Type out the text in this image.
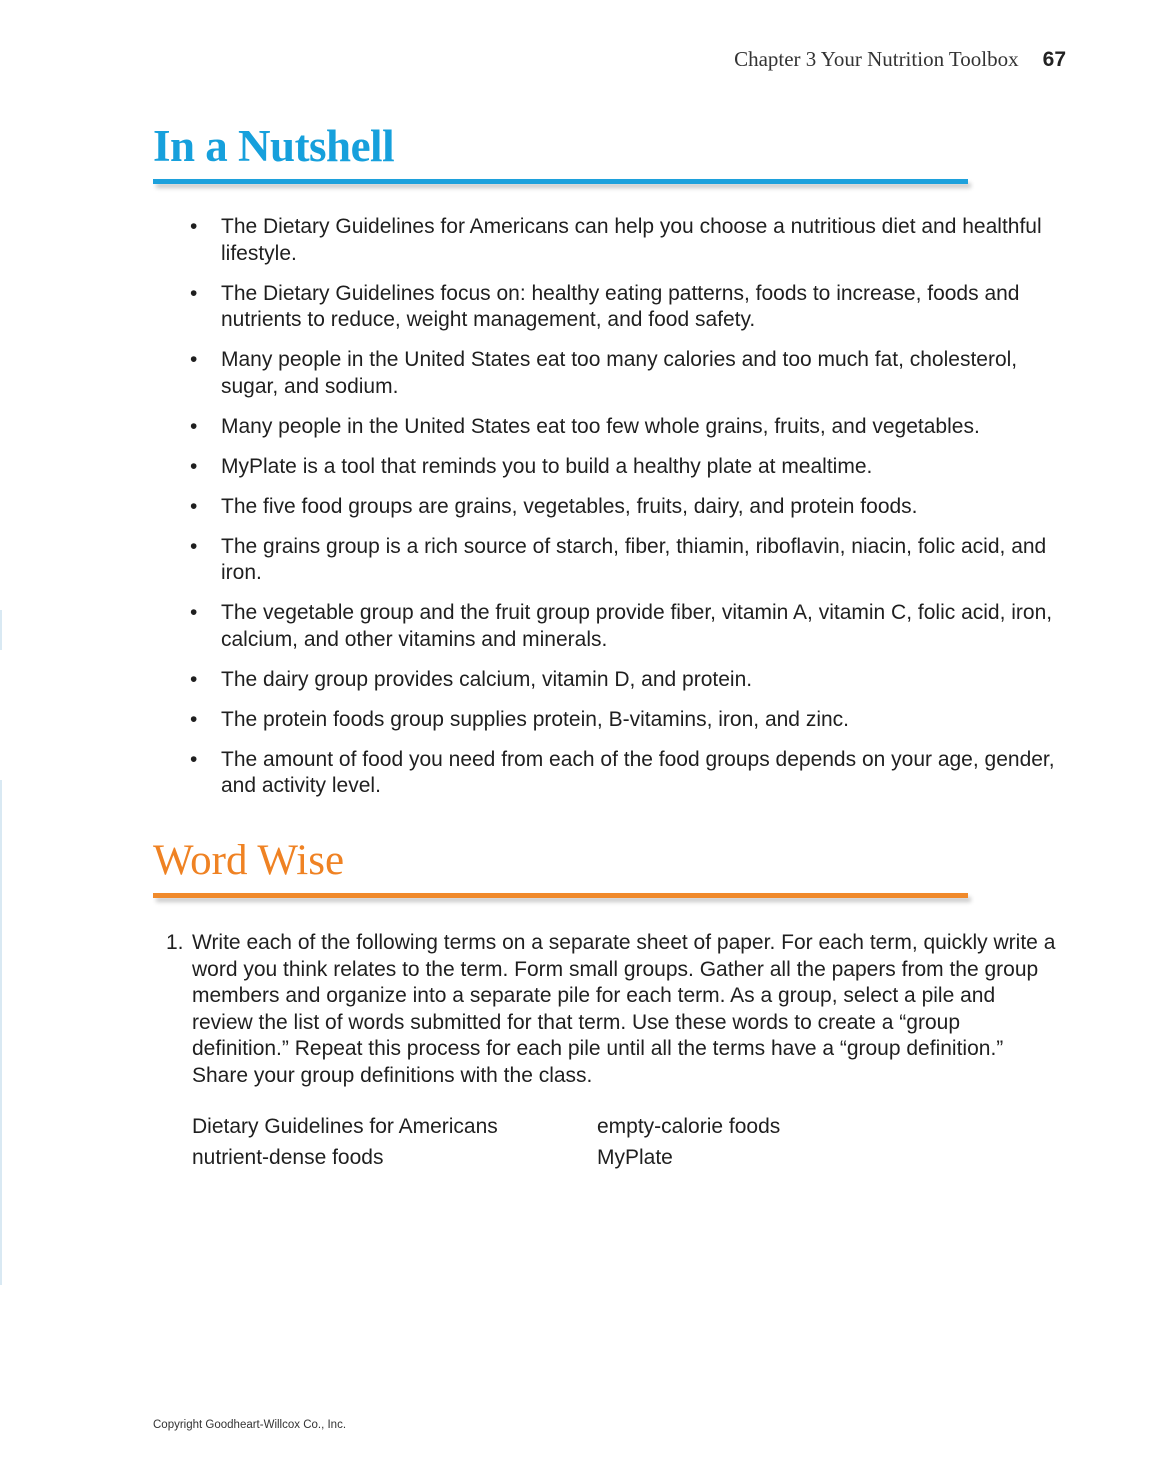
Chapter 3 Your Nutrition Toolbox 67
In a Nutshell
• The Dietary Guidelines for Americans can help you choose a nutritious diet and healthful lifestyle.
• The Dietary Guidelines focus on: healthy eating patterns, foods to increase, foods and nutrients to reduce, weight management, and food safety.
• Many people in the United States eat too many calories and too much fat, cholesterol, sugar, and sodium.
• Many people in the United States eat too few whole grains, fruits, and vegetables.
• MyPlate is a tool that reminds you to build a healthy plate at mealtime.
• The five food groups are grains, vegetables, fruits, dairy, and protein foods.
• The grains group is a rich source of starch, fiber, thiamin, riboflavin, niacin, folic acid, and iron.
• The vegetable group and the fruit group provide fiber, vitamin A, vitamin C, folic acid, iron, calcium, and other vitamins and minerals.
• The dairy group provides calcium, vitamin D, and protein.
• The protein foods group supplies protein, B-vitamins, iron, and zinc.
• The amount of food you need from each of the food groups depends on your age, gender, and activity level.
Word Wise
1. Write each of the following terms on a separate sheet of paper. For each term, quickly write a word you think relates to the term. Form small groups. Gather all the papers from the group members and organize into a separate pile for each term. As a group, select a pile and review the list of words submitted for that term. Use these words to create a “group definition.” Repeat this process for each pile until all the terms have a “group definition.” Share your group definitions with the class.
Dietary Guidelines for Americans	empty-calorie foods
nutrient-dense foods	MyPlate
Copyright Goodheart-Willcox Co., Inc.
